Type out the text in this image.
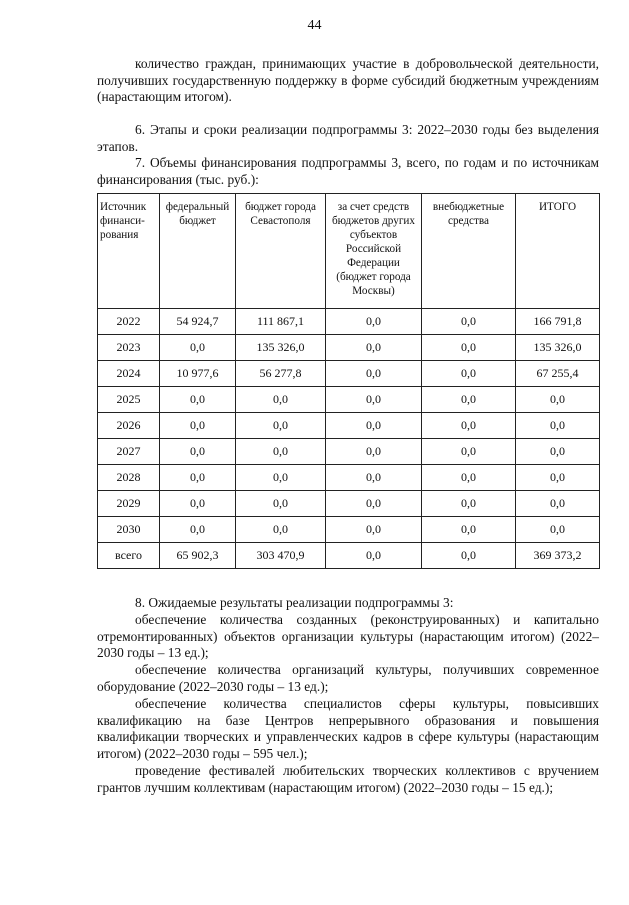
44

количество граждан, принимающих участие в добровольческой деятельности, получивших государственную поддержку в форме субсидий бюджетным учреждениям (нарастающим итогом).

6. Этапы и сроки реализации подпрограммы 3: 2022–2030 годы без выделения этапов.

7. Объемы финансирования подпрограммы 3, всего, по годам и по источникам финансирования (тыс. руб.):

Источник финанси-рования	федеральный бюджет	бюджет города Севастополя	за счет средств бюджетов других субъектов Российской Федерации (бюджет города Москвы)	внебюджетные средства	ИТОГО
2022	54 924,7	111 867,1	0,0	0,0	166 791,8
2023	0,0	135 326,0	0,0	0,0	135 326,0
2024	10 977,6	56 277,8	0,0	0,0	67 255,4
2025	0,0	0,0	0,0	0,0	0,0
2026	0,0	0,0	0,0	0,0	0,0
2027	0,0	0,0	0,0	0,0	0,0
2028	0,0	0,0	0,0	0,0	0,0
2029	0,0	0,0	0,0	0,0	0,0
2030	0,0	0,0	0,0	0,0	0,0
всего	65 902,3	303 470,9	0,0	0,0	369 373,2

8. Ожидаемые результаты реализации подпрограммы 3:

обеспечение количества созданных (реконструированных) и капитально отремонтированных) объектов организации культуры (нарастающим итогом) (2022–2030 годы – 13 ед.);

обеспечение количества организаций культуры, получивших современное оборудование (2022–2030 годы – 13 ед.);

обеспечение количества специалистов сферы культуры, повысивших квалификацию на базе Центров непрерывного образования и повышения квалификации творческих и управленческих кадров в сфере культуры (нарастающим итогом) (2022–2030 годы – 595 чел.);

проведение фестивалей любительских творческих коллективов с вручением грантов лучшим коллективам (нарастающим итогом) (2022–2030 годы – 15 ед.);
